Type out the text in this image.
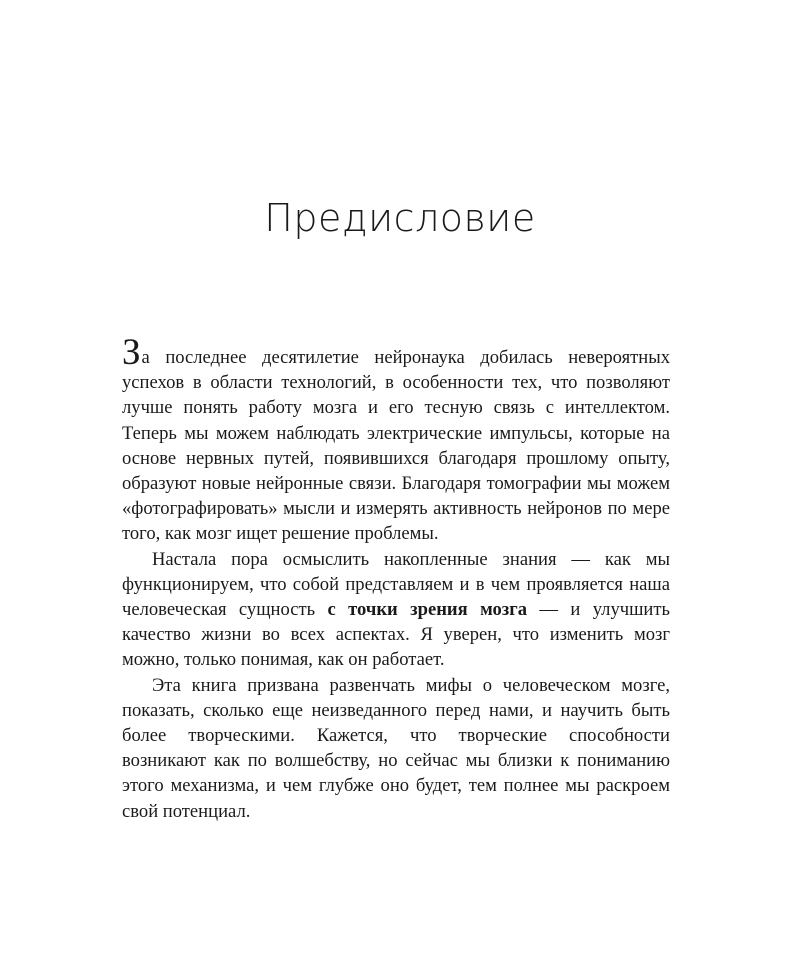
Предисловие

За последнее десятилетие нейронаука добилась невероятных успехов в области технологий, в особенности тех, что позволяют лучше понять работу мозга и его тесную связь с интеллектом. Теперь мы можем наблюдать электрические импульсы, которые на основе нервных путей, появившихся благодаря прошлому опыту, образуют новые нейронные связи. Благодаря томографии мы можем «фотографировать» мысли и измерять активность нейронов по мере того, как мозг ищет решение проблемы.

Настала пора осмыслить накопленные знания — как мы функционируем, что собой представляем и в чем проявляется наша человеческая сущность с точки зрения мозга — и улучшить качество жизни во всех аспектах. Я уверен, что изменить мозг можно, только понимая, как он работает.

Эта книга призвана развенчать мифы о человеческом мозге, показать, сколько еще неизведанного перед нами, и научить быть более творческими. Кажется, что творческие способности возникают как по волшебству, но сейчас мы близки к пониманию этого механизма, и чем глубже оно будет, тем полнее мы раскроем свой потенциал.
